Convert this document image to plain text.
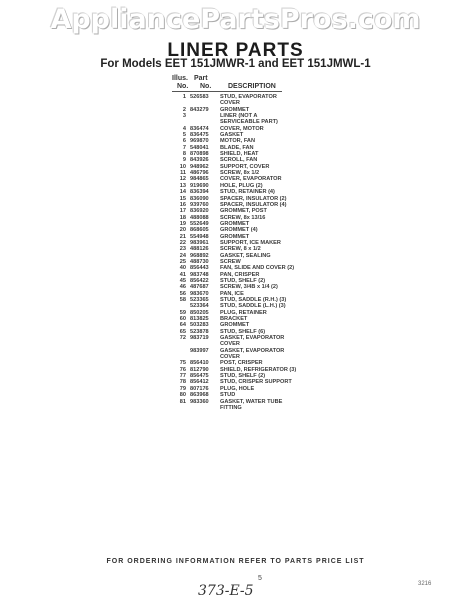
AppliancePartsPros.com
LINER PARTS
For Models EET 151JMWR-1 and EET 151JMWL-1
Illus. Part
No. No. DESCRIPTION
1 526583	STUD, EVAPORATOR
COVER
2 843279	GROMMET
3	LINER (NOT A
SERVICEABLE PART)
4 836474	COVER, MOTOR
5 836475	GASKET
6 969870	MOTOR, FAN
7 548041	BLADE, FAN
8 870898	SHIELD, HEAT
9 843926	SCROLL, FAN
10 948962	SUPPORT, COVER
11 486796	SCREW, 8x 1/2
12 984865	COVER, EVAPORATOR
13 919690	HOLE, PLUG (2)
14 836394	STUD, RETAINER (4)
15 836090	SPACER, INSULATOR (2)
16 939760	SPACER, INSULATOR (4)
17 836920	GROMMET, POST
18 488088	SCREW, 8x 13/16
19 552649	GROMMET
20 868605	GROMMET (4)
21 554948	GROMMET
22 983961	SUPPORT, ICE MAKER
23 488126	SCREW, 8 x 1/2
24 968892	GASKET, SEALING
25 488730	SCREW
40 856443	FAN, SLIDE AND COVER (2)
41 983748	PAN, CRISPER
45 856422	STUD, SHELF (2)
46 487687	SCREW, 3/4B x 1/4 (2)
56 983670	PAN, ICE
58 523365	STUD, SADDLE (R.H.) (3)
523364	STUD, SADDLE (L.H.) (3)
59 850205	PLUG, RETAINER
60 813825	BRACKET
64 503283	GROMMET
65 523878	STUD, SHELF (6)
72 983719	GASKET, EVAPORATOR
COVER
983997	GASKET, EVAPORATOR
COVER
75 856410	POST, CRISPER
76 812790	SHIELD, REFRIGERATOR (3)
77 856475	STUD, SHELF (2)
78 856412	STUD, CRISPER SUPPORT
79 807176	PLUG, HOLE
80 863968	STUD
81 983360	GASKET, WATER TUBE
FITTING
FOR ORDERING INFORMATION REFER TO PARTS PRICE LIST
5
3216
373-E-5
